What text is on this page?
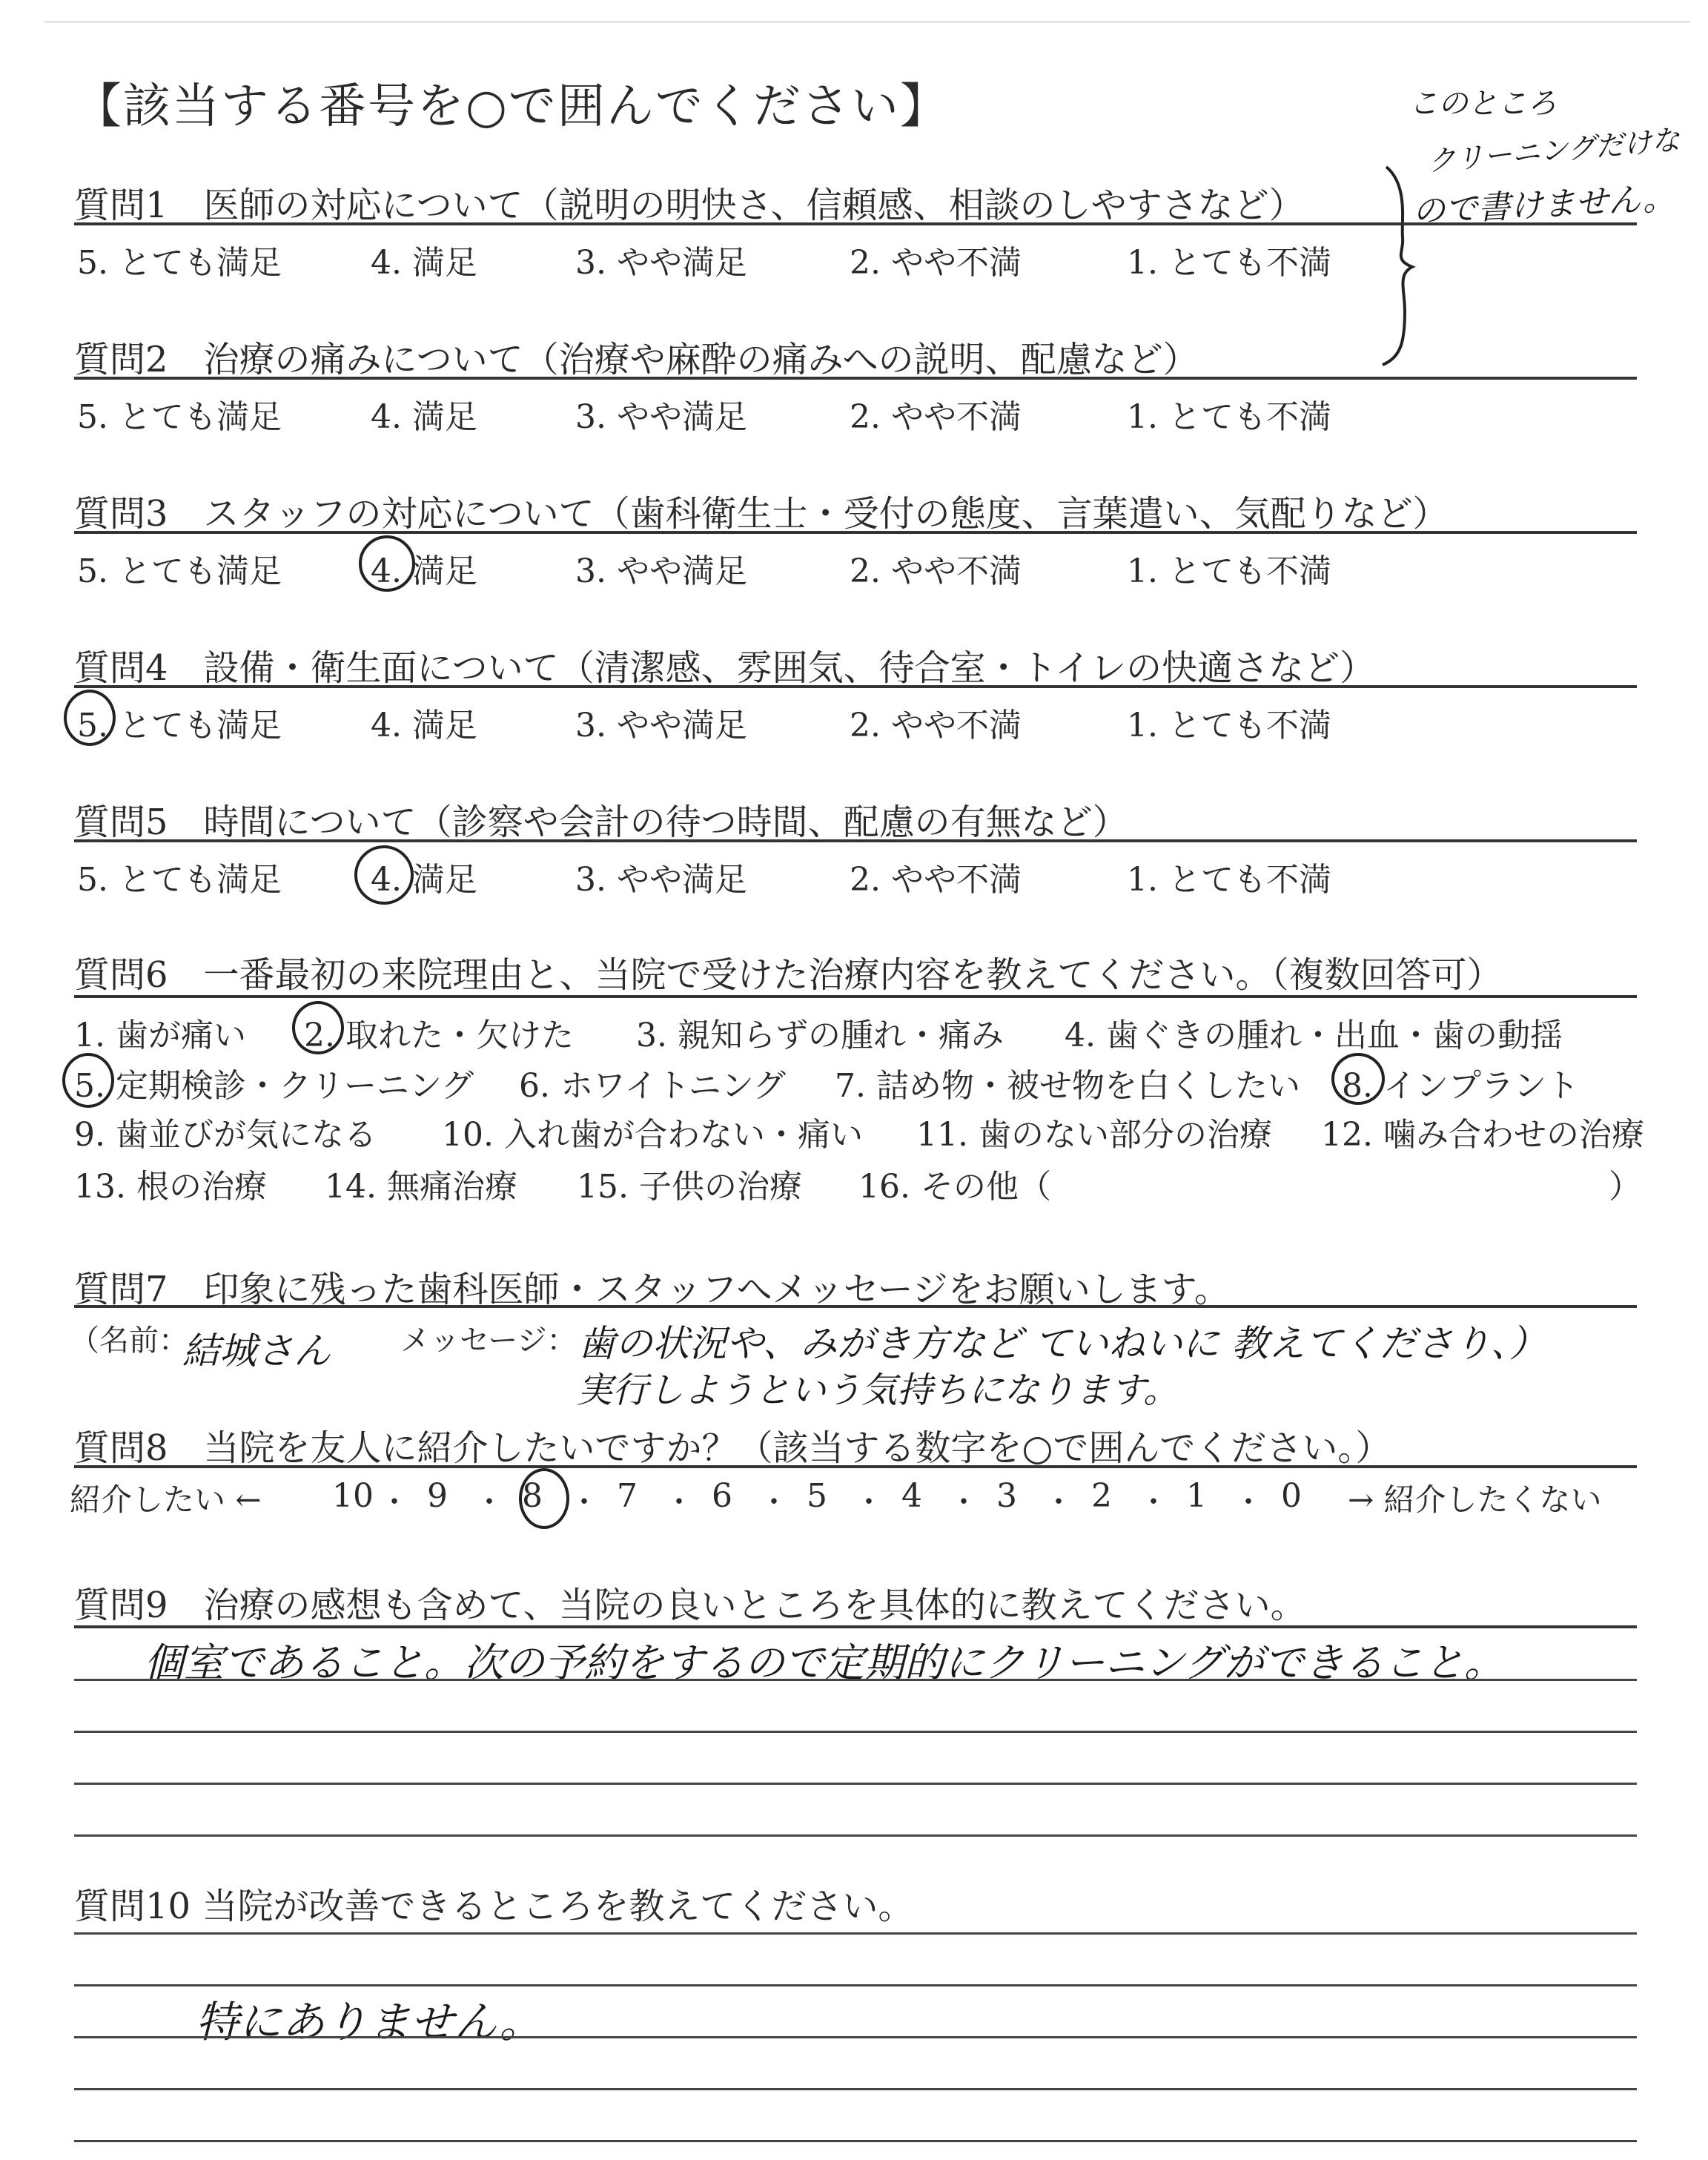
【該当する番号を○で囲んでください】	このところ
クリーニングだけな
ので書けません。
質問1　医師の対応について（説明の明快さ、信頼感、相談のしやすさなど）
5. とても満足	4. 満足	3. やや満足	2. やや不満	1. とても不満
質問2　治療の痛みについて（治療や麻酔の痛みへの説明、配慮など）
5. とても満足	4. 満足	3. やや満足	2. やや不満	1. とても不満
質問3　スタッフの対応について（歯科衛生士・受付の態度、言葉遣い、気配りなど）
5. とても満足	4. 満足	3. やや満足	2. やや不満	1. とても不満
質問4　設備・衛生面について（清潔感、雰囲気、待合室・トイレの快適さなど）
5. とても満足	4. 満足	3. やや満足	2. やや不満	1. とても不満
質問5　時間について（診察や会計の待つ時間、配慮の有無など）
5. とても満足	4. 満足	3. やや満足	2. やや不満	1. とても不満
質問6　一番最初の来院理由と、当院で受けた治療内容を教えてください。（複数回答可）
1. 歯が痛い 2. 取れた・欠けた 3. 親知らずの腫れ・痛み 4. 歯ぐきの腫れ・出血・歯の動揺
5. 定期検診・クリーニング 6. ホワイトニング 7. 詰め物・被せ物を白くしたい 8. インプラント
9. 歯並びが気になる 10. 入れ歯が合わない・痛い 11. 歯のない部分の治療 12. 噛み合わせの治療
13. 根の治療 14. 無痛治療 15. 子供の治療 16. その他（	）
質問7　印象に残った歯科医師・スタッフへメッセージをお願いします。
（名前：
結城さん メッセージ： 歯の状況や、みがき方など ていねいに 教えてくださり、）
実行しようという気持ちになります。
質問8　当院を友人に紹介したいですか？（該当する数字を○で囲んでください。）
紹介したい ←	→ 紹介したくない
10 ・ 9 ・ 8 ・ 7 ・ 6 ・ 5 ・ 4 ・ 3 ・ 2 ・ 1 ・ 0
質問9　治療の感想も含めて、当院の良いところを具体的に教えてください。
個室であること。次の予約をするので定期的にクリーニングができること。
質問10 当院が改善できるところを教えてください。
特にありません。
